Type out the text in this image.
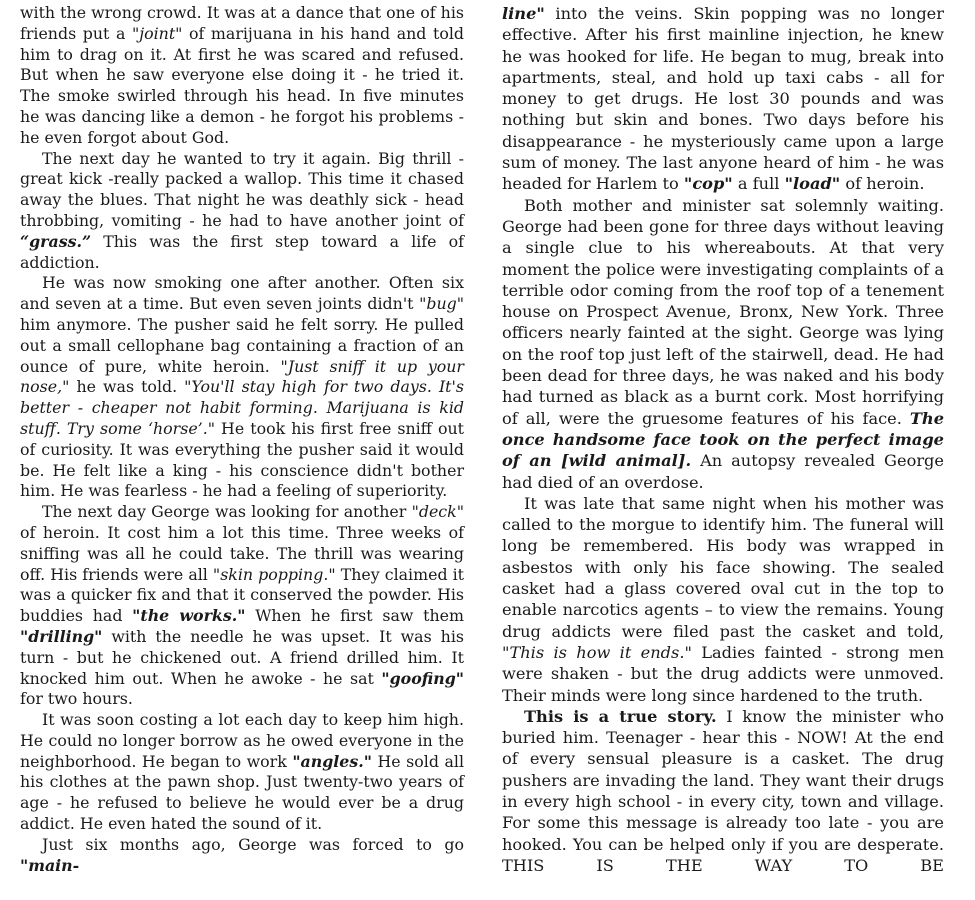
with the wrong crowd. It was at a dance that one of his friends put a "joint" of marijuana in his hand and told him to drag on it. At first he was scared and refused. But when he saw everyone else doing it - he tried it. The smoke swirled through his head. In five minutes he was dancing like a demon - he forgot his problems - he even forgot about God.

The next day he wanted to try it again. Big thrill - great kick -really packed a wallop. This time it chased away the blues. That night he was deathly sick - head throbbing, vomiting - he had to have another joint of “grass.” This was the first step toward a life of addiction.

He was now smoking one after another. Often six and seven at a time. But even seven joints didn't "bug" him anymore. The pusher said he felt sorry. He pulled out a small cellophane bag containing a fraction of an ounce of pure, white heroin. "Just sniff it up your nose," he was told. "You'll stay high for two days. It's better - cheaper not habit forming. Marijuana is kid stuff. Try some ‘horse’." He took his first free sniff out of curiosity. It was everything the pusher said it would be. He felt like a king - his conscience didn't bother him. He was fearless - he had a feeling of superiority.

The next day George was looking for another "deck" of heroin. It cost him a lot this time. Three weeks of sniffing was all he could take. The thrill was wearing off. His friends were all "skin popping." They claimed it was a quicker fix and that it conserved the powder. His buddies had "the works." When he first saw them "drilling" with the needle he was upset. It was his turn - but he chickened out. A friend drilled him. It knocked him out. When he awoke - he sat "goofing" for two hours.

It was soon costing a lot each day to keep him high. He could no longer borrow as he owed everyone in the neighborhood. He began to work "angles." He sold all his clothes at the pawn shop. Just twenty-two years of age - he refused to believe he would ever be a drug addict. He even hated the sound of it.

Just six months ago, George was forced to go "main-

line" into the veins. Skin popping was no longer effective. After his first mainline injection, he knew he was hooked for life. He began to mug, break into apartments, steal, and hold up taxi cabs - all for money to get drugs. He lost 30 pounds and was nothing but skin and bones. Two days before his disappearance - he mysteriously came upon a large sum of money. The last anyone heard of him - he was headed for Harlem to "cop" a full "load" of heroin.

Both mother and minister sat solemnly waiting. George had been gone for three days without leaving a single clue to his whereabouts. At that very moment the police were investigating complaints of a terrible odor coming from the roof top of a tenement house on Prospect Avenue, Bronx, New York. Three officers nearly fainted at the sight. George was lying on the roof top just left of the stairwell, dead. He had been dead for three days, he was naked and his body had turned as black as a burnt cork. Most horrifying of all, were the gruesome features of his face. The once handsome face took on the perfect image of an [wild animal]. An autopsy revealed George had died of an overdose.

It was late that same night when his mother was called to the morgue to identify him. The funeral will long be remembered. His body was wrapped in asbestos with only his face showing. The sealed casket had a glass covered oval cut in the top to enable narcotics agents – to view the remains. Young drug addicts were filed past the casket and told, "This is how it ends." Ladies fainted - strong men were shaken - but the drug addicts were unmoved. Their minds were long since hardened to the truth.

This is a true story. I know the minister who buried him. Teenager - hear this - NOW! At the end of every sensual pleasure is a casket. The drug pushers are invading the land. They want their drugs in every high school - in every city, town and village. For some this message is already too late - you are hooked. You can be helped only if you are desperate. THIS IS THE WAY TO BE
